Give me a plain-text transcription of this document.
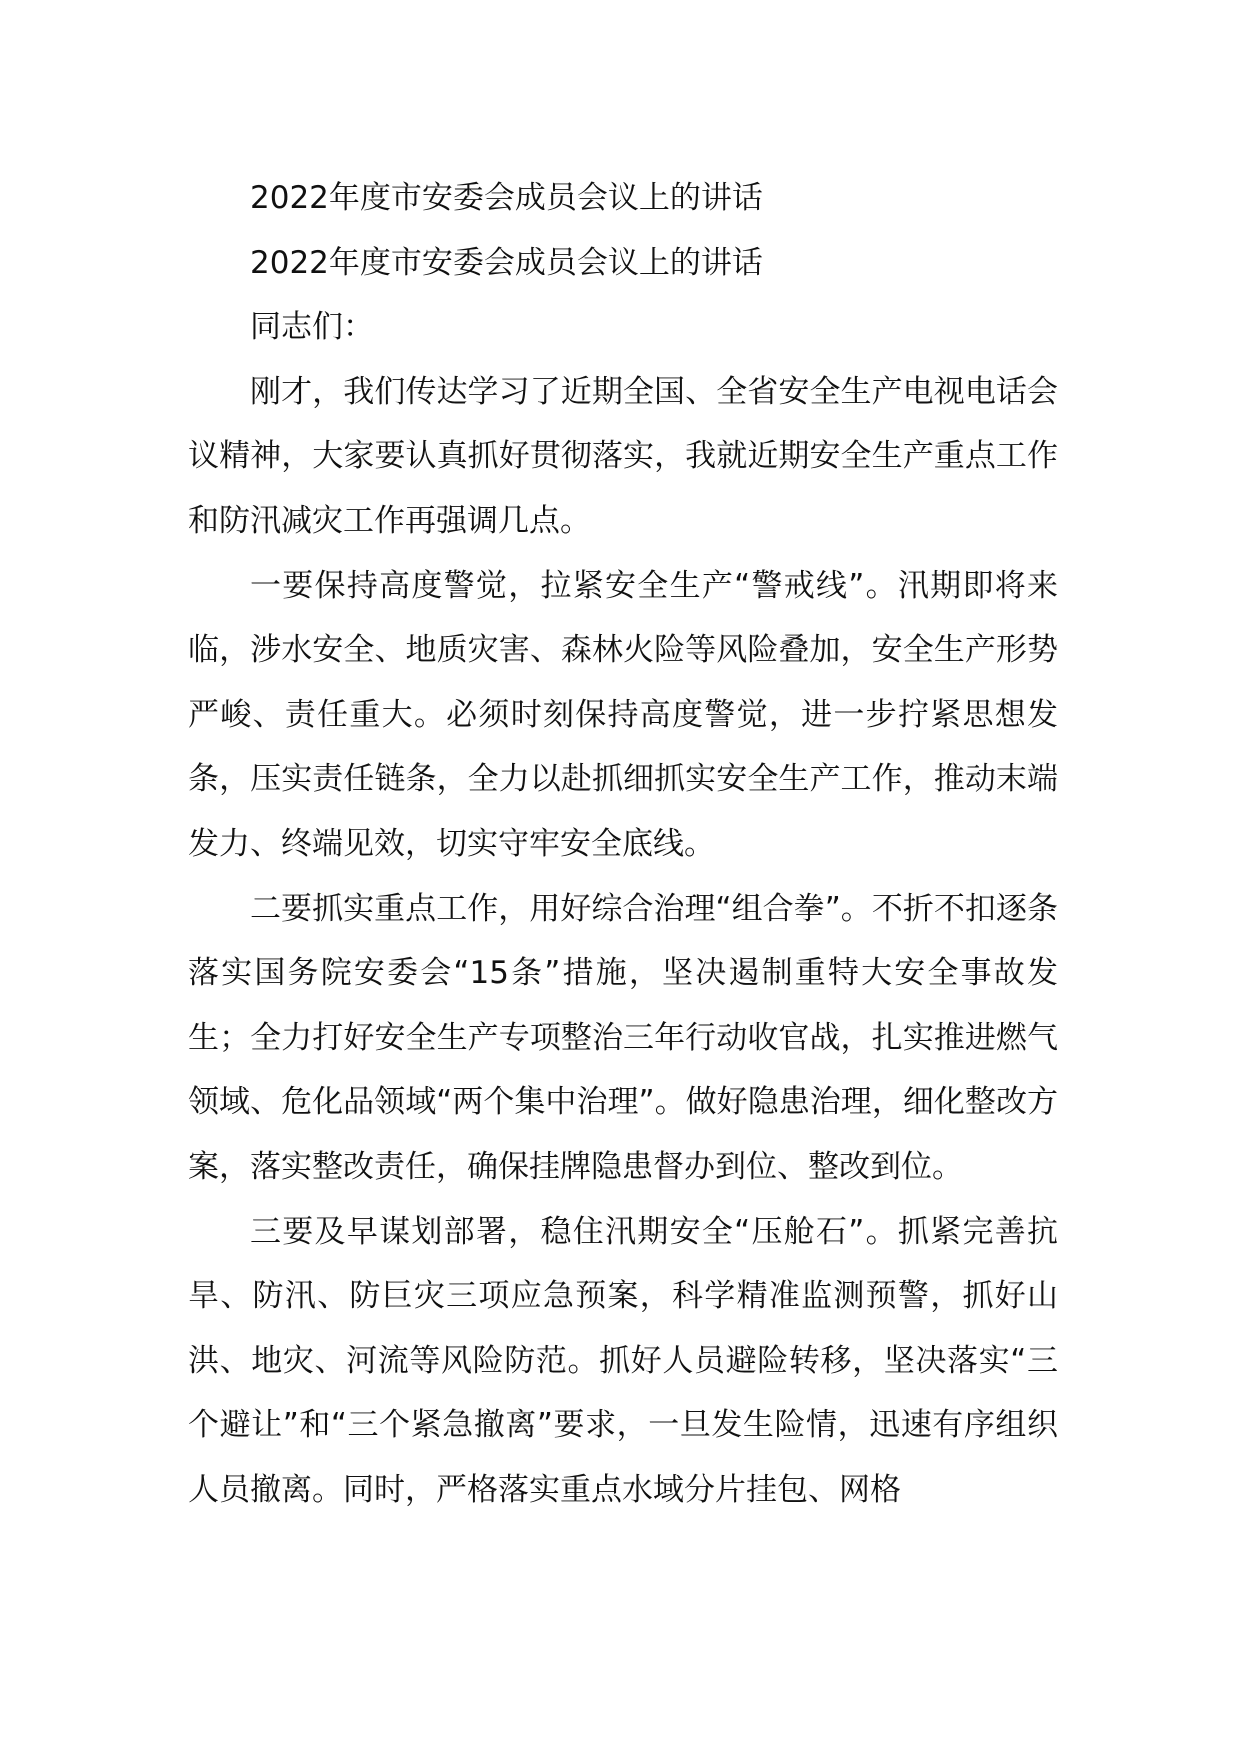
2022年度市安委会成员会议上的讲话

2022年度市安委会成员会议上的讲话

同志们：

刚才，我们传达学习了近期全国、全省安全生产电视电话会议精神，大家要认真抓好贯彻落实，我就近期安全生产重点工作和防汛减灾工作再强调几点。

一要保持高度警觉，拉紧安全生产“警戒线”。汛期即将来临，涉水安全、地质灾害、森林火险等风险叠加，安全生产形势严峻、责任重大。必须时刻保持高度警觉，进一步拧紧思想发条，压实责任链条，全力以赴抓细抓实安全生产工作，推动末端发力、终端见效，切实守牢安全底线。

二要抓实重点工作，用好综合治理“组合拳”。不折不扣逐条落实国务院安委会“15条”措施，坚决遏制重特大安全事故发生；全力打好安全生产专项整治三年行动收官战，扎实推进燃气领域、危化品领域“两个集中治理”。做好隐患治理，细化整改方案，落实整改责任，确保挂牌隐患督办到位、整改到位。

三要及早谋划部署，稳住汛期安全“压舱石”。抓紧完善抗旱、防汛、防巨灾三项应急预案，科学精准监测预警，抓好山洪、地灾、河流等风险防范。抓好人员避险转移，坚决落实“三个避让”和“三个紧急撤离”要求，一旦发生险情，迅速有序组织人员撤离。同时，严格落实重点水域分片挂包、网格
